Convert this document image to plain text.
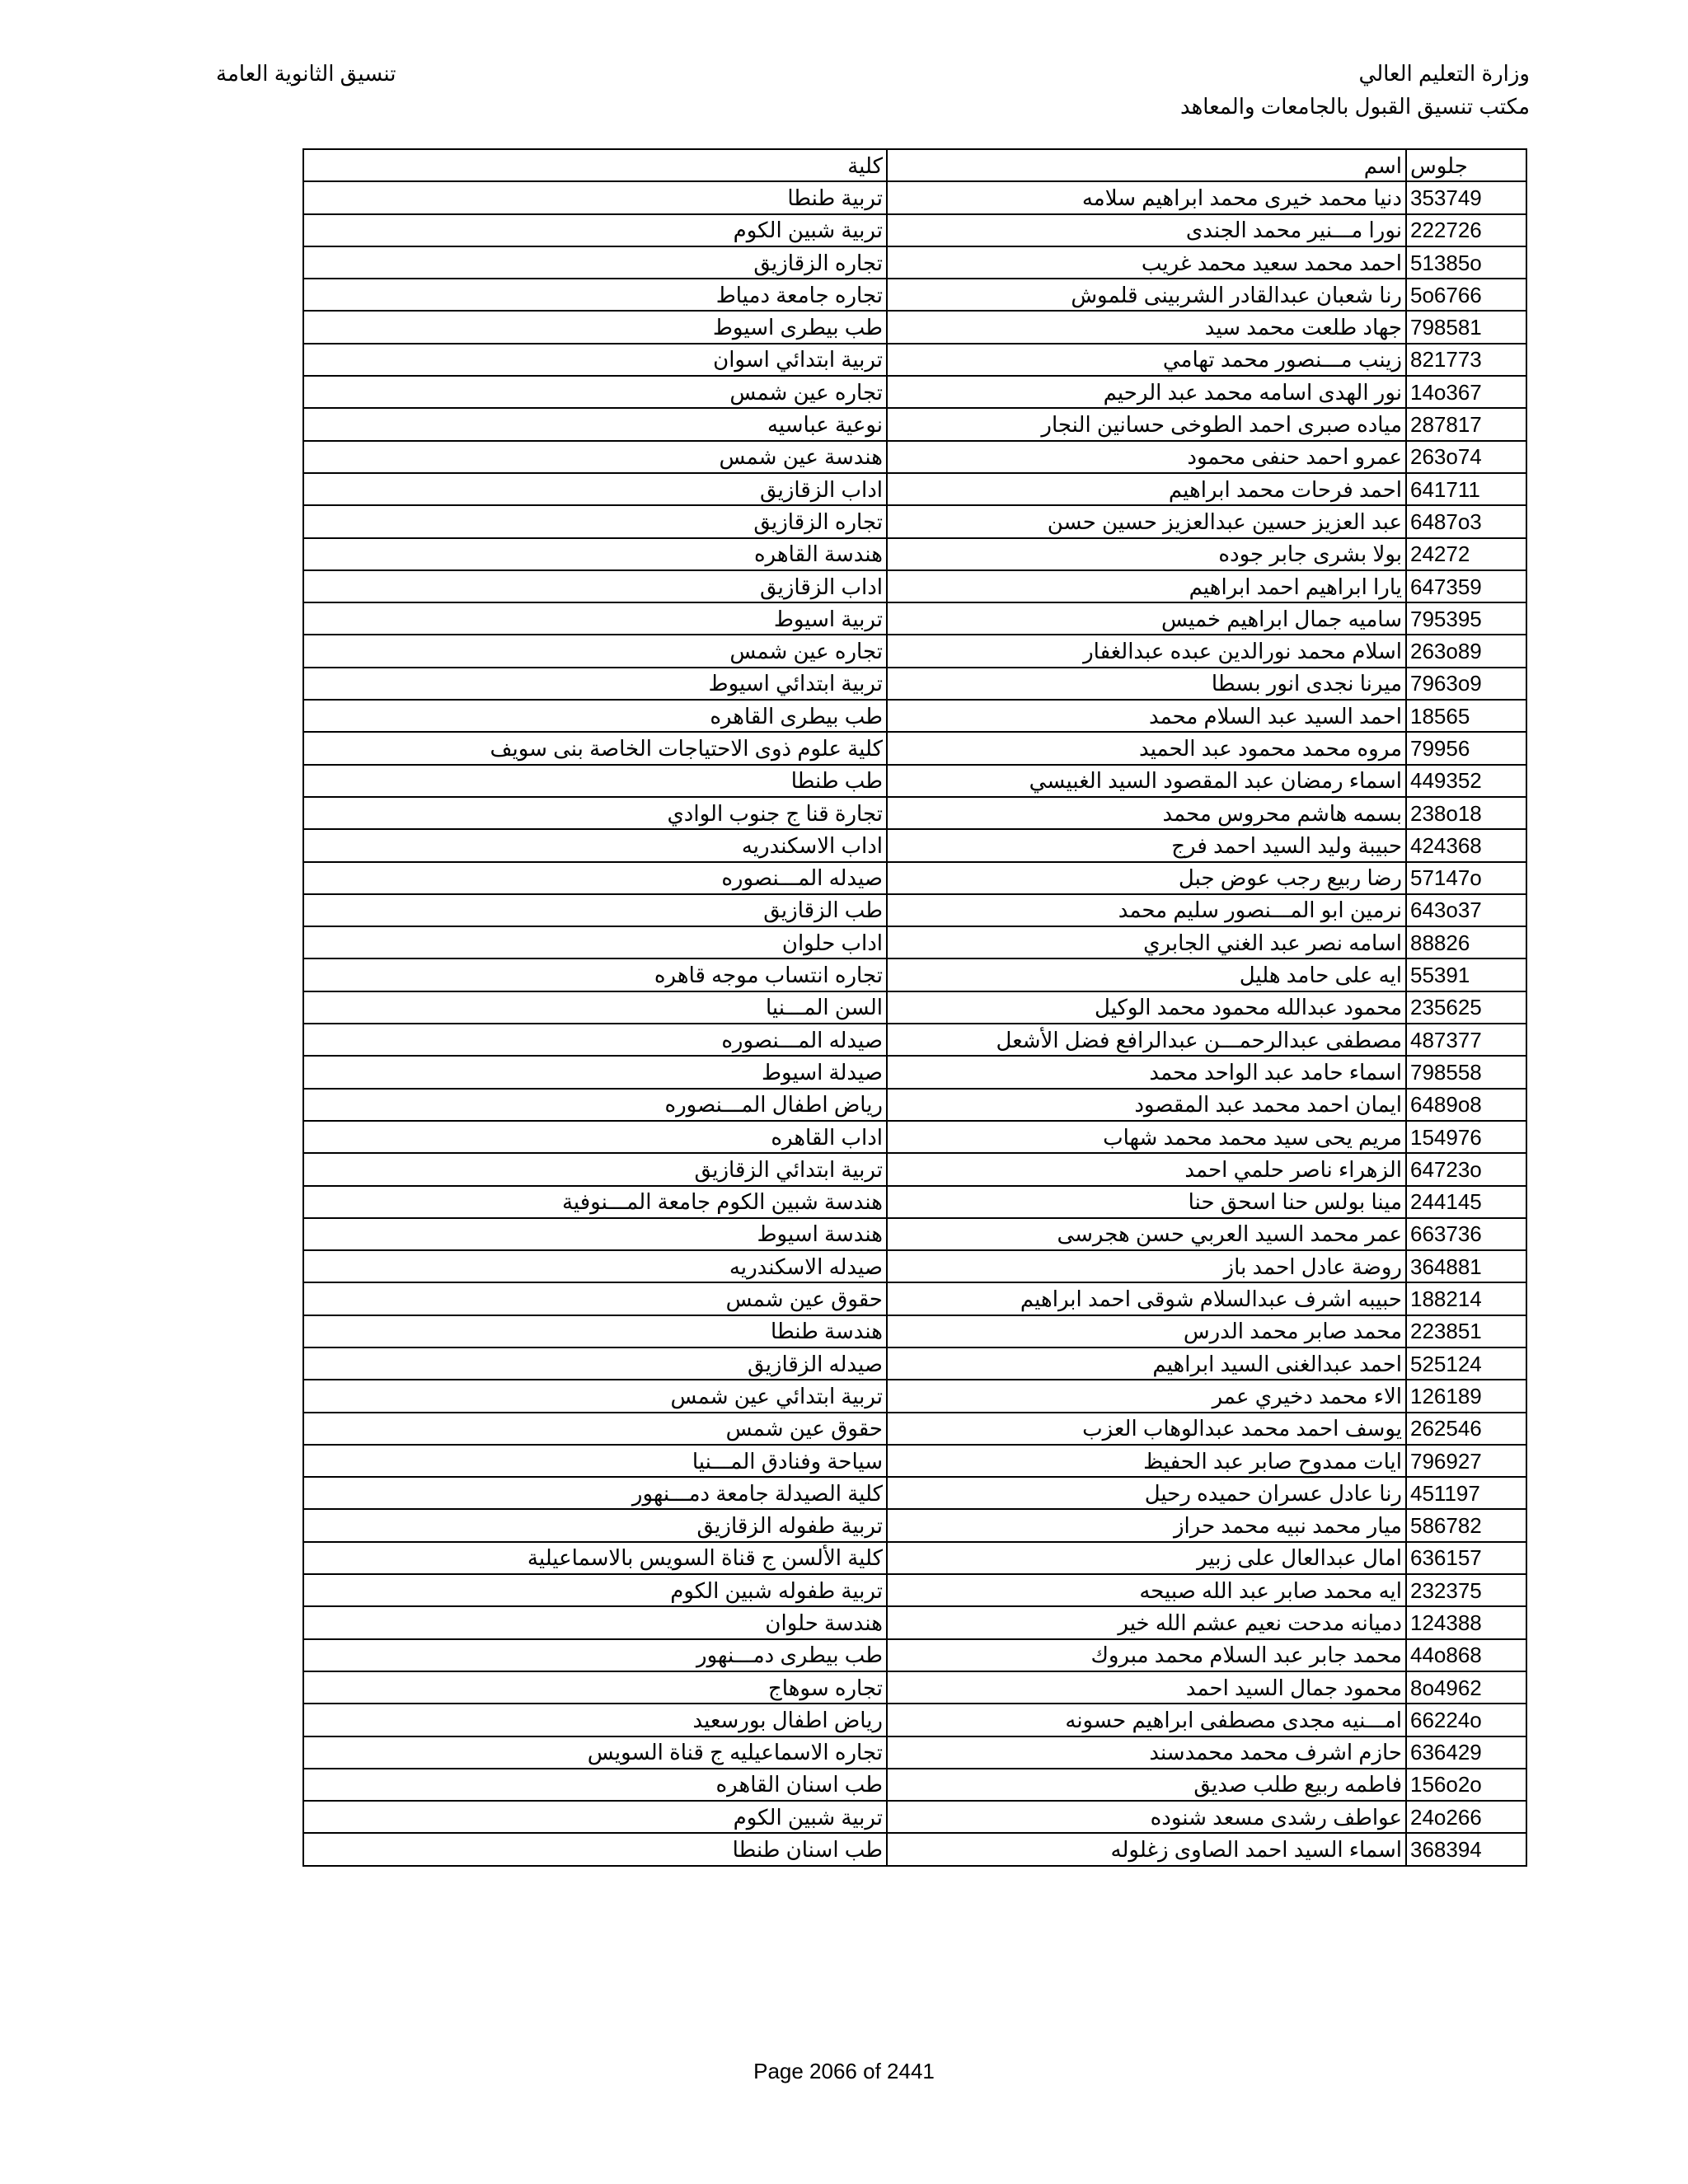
وزارة التعليم العالي
مكتب تنسيق القبول بالجامعات والمعاهد
تنسيق الثانوية العامة
جلوس	اسم	كلية
353749	دنيا محمد خيرى محمد ابراهيم سلامه	تربية طنطا
222726	نورا مـــنير محمد الجندى	تربية شبين الكوم
51385o	احمد محمد سعيد محمد غريب	تجاره الزقازيق
5o6766	رنا شعبان عبدالقادر الشربينى قلموش	تجاره جامعة دمياط
798581	جهاد طلعت محمد سيد	طب بيطرى اسيوط
821773	زينب مـــنصور محمد تهامي	تربية ابتدائي اسوان
14o367	نور الهدى اسامه محمد عبد الرحيم	تجاره عين شمس
287817	مياده صبرى احمد الطوخى حسانين النجار	نوعية عباسيه
263o74	عمرو احمد حنفى محمود	هندسة عين شمس
641711	احمد فرحات محمد ابراهيم	اداب الزقازيق
6487o3	عبد العزيز حسين عبدالعزيز حسين حسن	تجاره الزقازيق
24272	بولا بشرى جابر جوده	هندسة القاهره
647359	يارا ابراهيم احمد ابراهيم	اداب الزقازيق
795395	ساميه جمال ابراهيم خميس	تربية اسيوط
263o89	اسلام محمد نورالدين عبده عبدالغفار	تجاره عين شمس
7963o9	ميرنا نجدى انور بسطا	تربية ابتدائي اسيوط
18565	احمد السيد عبد السلام محمد	طب بيطرى القاهره
79956	مروه محمد محمود عبد الحميد	كلية علوم ذوى الاحتياجات الخاصة بنى سويف
449352	اسماء رمضان عبد المقصود السيد الغبيسي	طب طنطا
238o18	بسمه هاشم محروس محمد	تجارة قنا ج جنوب الوادي
424368	حبيبة وليد السيد احمد فرج	اداب الاسكندريه
57147o	رضا ربيع رجب عوض جبل	صيدله المـــنصوره
643o37	نرمين ابو المـــنصور سليم محمد	طب الزقازيق
88826	اسامه نصر عبد الغني الجابري	اداب حلوان
55391	ايه على حامد هليل	تجاره انتساب موجه قاهره
235625	محمود عبدالله محمود محمد الوكيل	السن المـــنيا
487377	مصطفى عبدالرحمـــن عبدالرافع فضل الأشعل	صيدله المـــنصوره
798558	اسماء حامد عبد الواحد محمد	صيدلة اسيوط
6489o8	ايمان احمد محمد عبد المقصود	رياض اطفال المـــنصوره
154976	مريم يحى سيد محمد محمد شهاب	اداب القاهره
64723o	الزهراء ناصر حلمي احمد	تربية ابتدائي الزقازيق
244145	مينا بولس حنا اسحق حنا	هندسة شبين الكوم جامعة المـــنوفية
663736	عمر محمد السيد العربي حسن هجرسى	هندسة اسيوط
364881	روضة عادل احمد باز	صيدله الاسكندريه
188214	حبيبه اشرف عبدالسلام شوقى احمد ابراهيم	حقوق عين شمس
223851	محمد صابر محمد الدرس	هندسة طنطا
525124	احمد عبدالغنى السيد ابراهيم	صيدله الزقازيق
126189	الاء محمد دخيري عمر	تربية ابتدائي عين شمس
262546	يوسف احمد محمد عبدالوهاب العزب	حقوق عين شمس
796927	ايات ممدوح صابر عبد الحفيظ	سياحة وفنادق المـــنيا
451197	رنا عادل عسران حميده رحيل	كلية الصيدلة جامعة دمـــنهور
586782	ميار محمد نبيه محمد حراز	تربية طفوله الزقازيق
636157	امال عبدالعال على زبير	كلية الألسن ج قناة السويس بالاسماعيلية
232375	ايه محمد صابر عبد الله صبيحه	تربية طفوله شبين الكوم
124388	دميانه مدحت نعيم عشم الله خير	هندسة حلوان
44o868	محمد جابر عبد السلام محمد مبروك	طب بيطرى دمـــنهور
8o4962	محمود جمال السيد احمد	تجاره سوهاج
66224o	امـــنيه مجدى مصطفى ابراهيم حسونه	رياض اطفال بورسعيد
636429	حازم اشرف محمد محمدسند	تجاره الاسماعيليه ج قناة السويس
156o2o	فاطمه ربيع طلب صديق	طب اسنان القاهره
24o266	عواطف رشدى مسعد شنوده	تربية شبين الكوم
368394	اسماء السيد احمد الصاوى زغلوله	طب اسنان طنطا
Page 2066 of 2441
